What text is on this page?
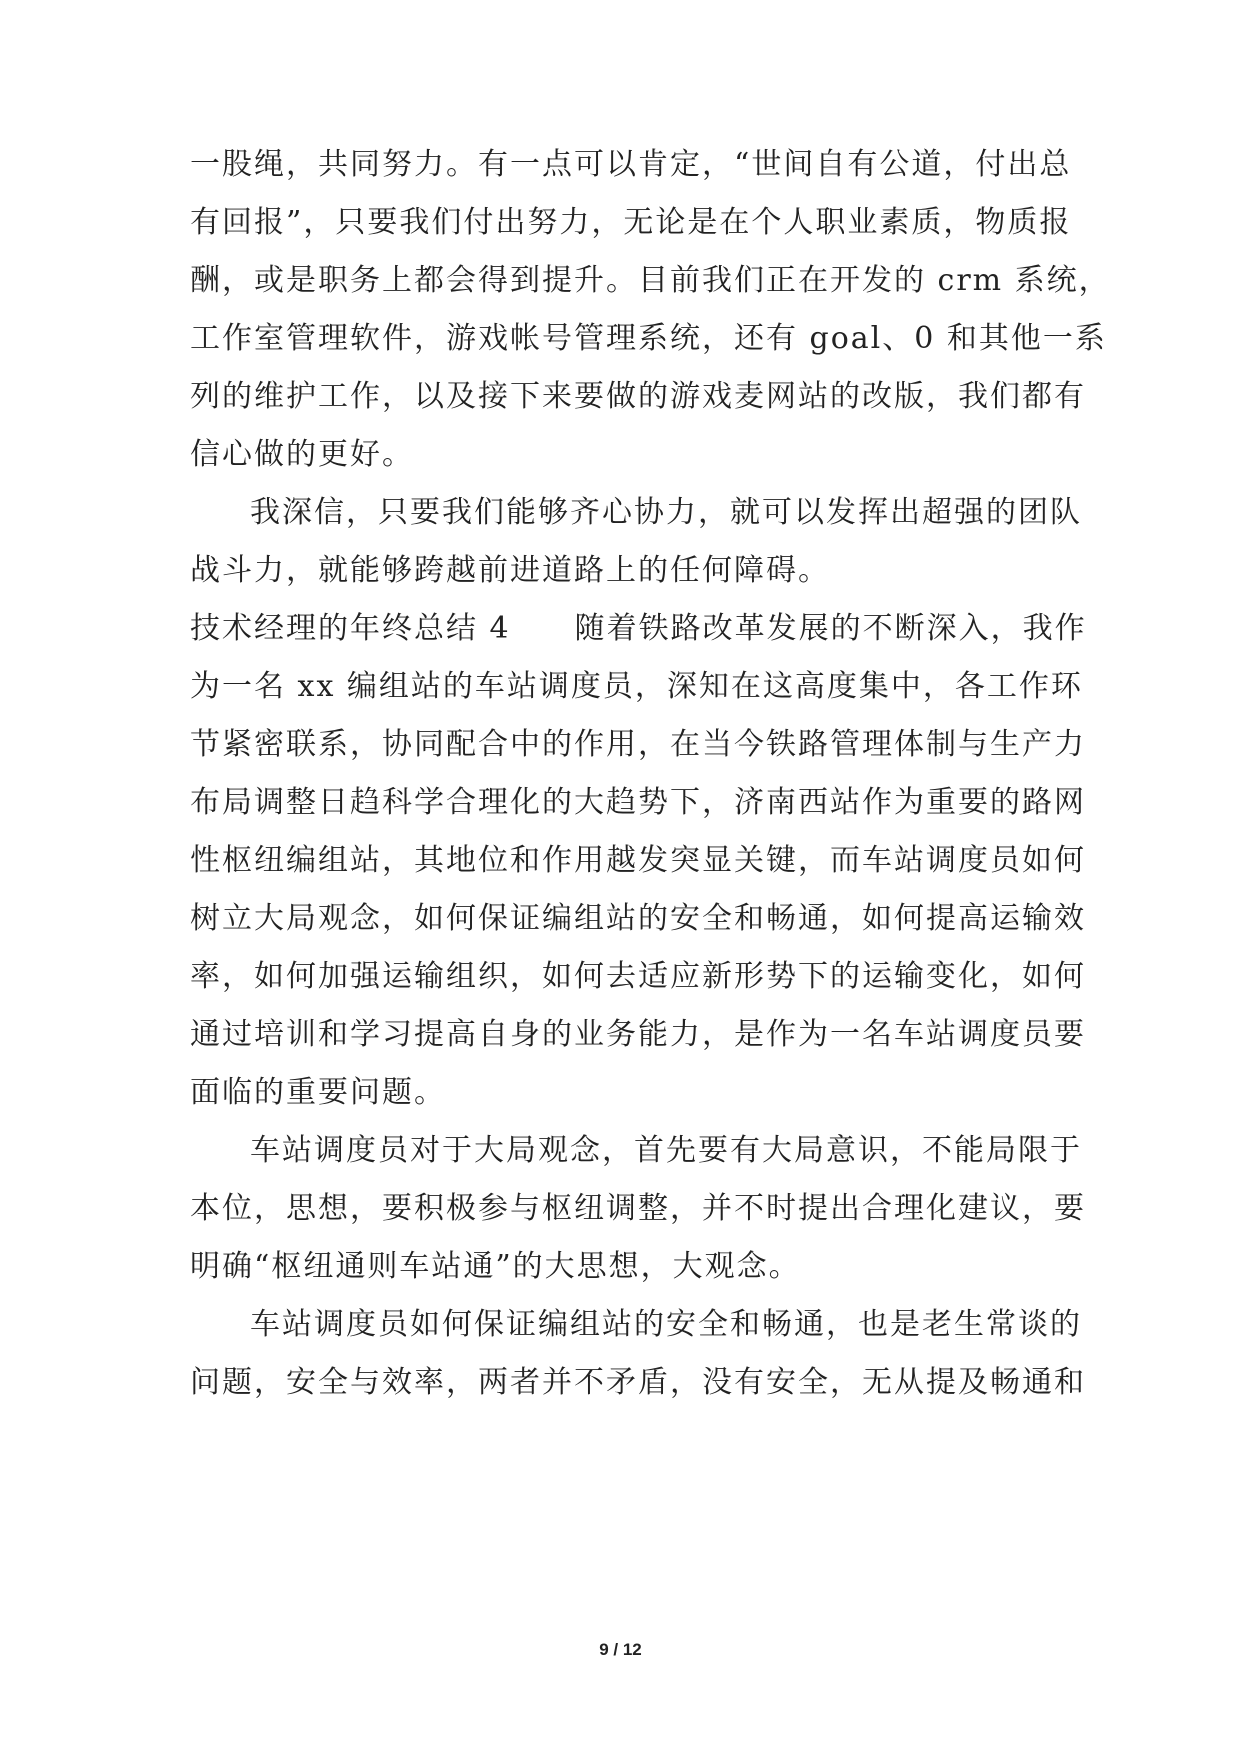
一股绳，共同努力。有一点可以肯定，“世间自有公道，付出总
有回报”，只要我们付出努力，无论是在个人职业素质，物质报
酬，或是职务上都会得到提升。目前我们正在开发的 crm 系统，
工作室管理软件，游戏帐号管理系统，还有 goal、0 和其他一系
列的维护工作，以及接下来要做的游戏麦网站的改版，我们都有
信心做的更好。
我深信，只要我们能够齐心协力，就可以发挥出超强的团队
战斗力，就能够跨越前进道路上的任何障碍。
技术经理的年终总结 4　　随着铁路改革发展的不断深入，我作
为一名 xx 编组站的车站调度员，深知在这高度集中，各工作环
节紧密联系，协同配合中的作用，在当今铁路管理体制与生产力
布局调整日趋科学合理化的大趋势下，济南西站作为重要的路网
性枢纽编组站，其地位和作用越发突显关键，而车站调度员如何
树立大局观念，如何保证编组站的安全和畅通，如何提高运输效
率，如何加强运输组织，如何去适应新形势下的运输变化，如何
通过培训和学习提高自身的业务能力，是作为一名车站调度员要
面临的重要问题。
车站调度员对于大局观念，首先要有大局意识，不能局限于
本位，思想，要积极参与枢纽调整，并不时提出合理化建议，要
明确“枢纽通则车站通”的大思想，大观念。
车站调度员如何保证编组站的安全和畅通，也是老生常谈的
问题，安全与效率，两者并不矛盾，没有安全，无从提及畅通和
9 / 12
